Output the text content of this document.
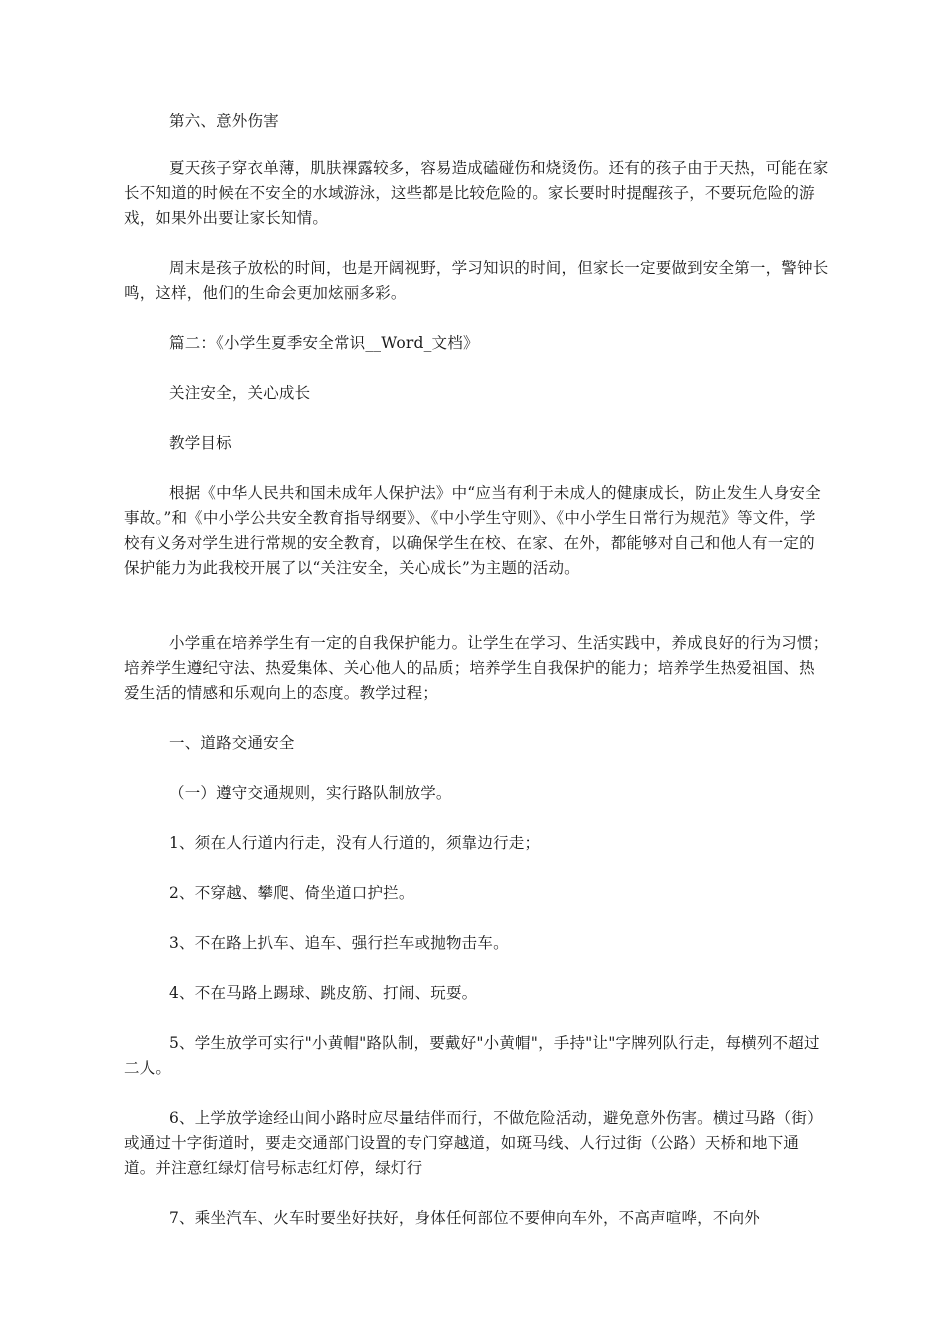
第六、意外伤害

夏天孩子穿衣单薄，肌肤裸露较多，容易造成磕碰伤和烧烫伤。还有的孩子由于天热，可能在家长不知道的时候在不安全的水域游泳，这些都是比较危险的。家长要时时提醒孩子，不要玩危险的游戏，如果外出要让家长知情。

周末是孩子放松的时间，也是开阔视野，学习知识的时间，但家长一定要做到安全第一，警钟长鸣，这样，他们的生命会更加炫丽多彩。

篇二：《小学生夏季安全常识__Word_文档》

关注安全，关心成长

教学目标

根据《中华人民共和国未成年人保护法》中“应当有利于未成人的健康成长，防止发生人身安全事故。”和《中小学公共安全教育指导纲要》、《中小学生守则》、《中小学生日常行为规范》等文件，学校有义务对学生进行常规的安全教育，以确保学生在校、在家、在外，都能够对自己和他人有一定的保护能力为此我校开展了以“关注安全，关心成长”为主题的活动。

小学重在培养学生有一定的自我保护能力。让学生在学习、生活实践中，养成良好的行为习惯；培养学生遵纪守法、热爱集体、关心他人的品质；培养学生自我保护的能力；培养学生热爱祖国、热爱生活的情感和乐观向上的态度。教学过程；

一、道路交通安全

（一）遵守交通规则，实行路队制放学。

1、须在人行道内行走，没有人行道的，须靠边行走；

2、不穿越、攀爬、倚坐道口护拦。

3、不在路上扒车、追车、强行拦车或抛物击车。

4、不在马路上踢球、跳皮筋、打闹、玩耍。

5、学生放学可实行"小黄帽"路队制，要戴好"小黄帽"，手持"让"字牌列队行走，每横列不超过二人。

6、上学放学途经山间小路时应尽量结伴而行，不做危险活动，避免意外伤害。横过马路（街）或通过十字街道时，要走交通部门设置的专门穿越道，如斑马线、人行过街（公路）天桥和地下通道。并注意红绿灯信号标志红灯停，绿灯行

7、乘坐汽车、火车时要坐好扶好，身体任何部位不要伸向车外，不高声喧哗，不向外
